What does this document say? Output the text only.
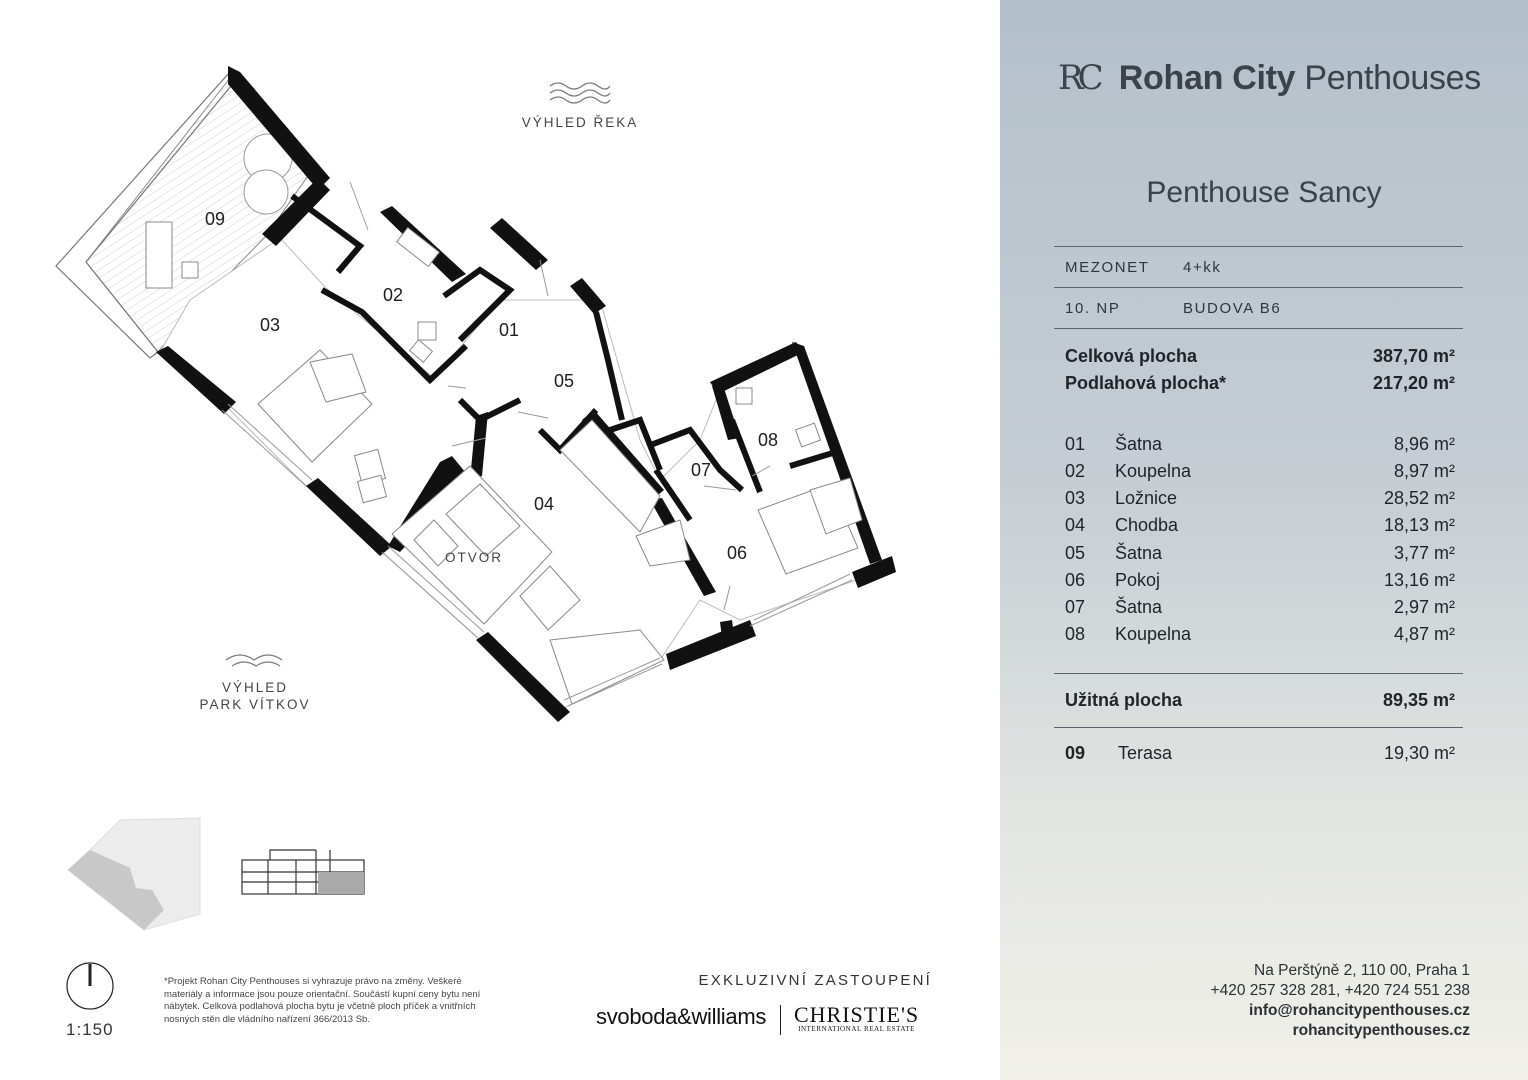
01
02
03
04
05
06
07
08
09
OTVOR
VÝHLED ŘEKA
VÝHLED
PARK VÍTKOV
1:150
*Projekt Rohan City Penthouses si vyhrazuje právo na změny. Veškeré materiály a informace jsou pouze orientační. Součástí kupní ceny bytu není nábytek. Celková podlahová plocha bytu je včetně ploch příček a vnitřních nosných stěn dle vládního nařízení 366/2013 Sb.
EXKLUZIVNÍ ZASTOUPENÍ
svoboda&williams CHRISTIE'S
INTERNATIONAL REAL ESTATE
RC Rohan City Penthouses
Penthouse Sancy
MEZONET 4+kk
10. NP	BUDOVA B6
Celková plocha	387,70 m²
Podlahová plocha*	217,20 m²
01 Šatna	8,96 m²
02 Koupelna	8,97 m²
03 Ložnice	28,52 m²
04 Chodba	18,13 m²
05 Šatna	3,77 m²
06 Pokoj	13,16 m²
07 Šatna	2,97 m²
08 Koupelna	4,87 m²
Užitná plocha	89,35 m²
09 Terasa	19,30 m²
Na Perštýně 2, 110 00, Praha 1
+420 257 328 281, +420 724 551 238
info@rohancitypenthouses.cz
rohancitypenthouses.cz
